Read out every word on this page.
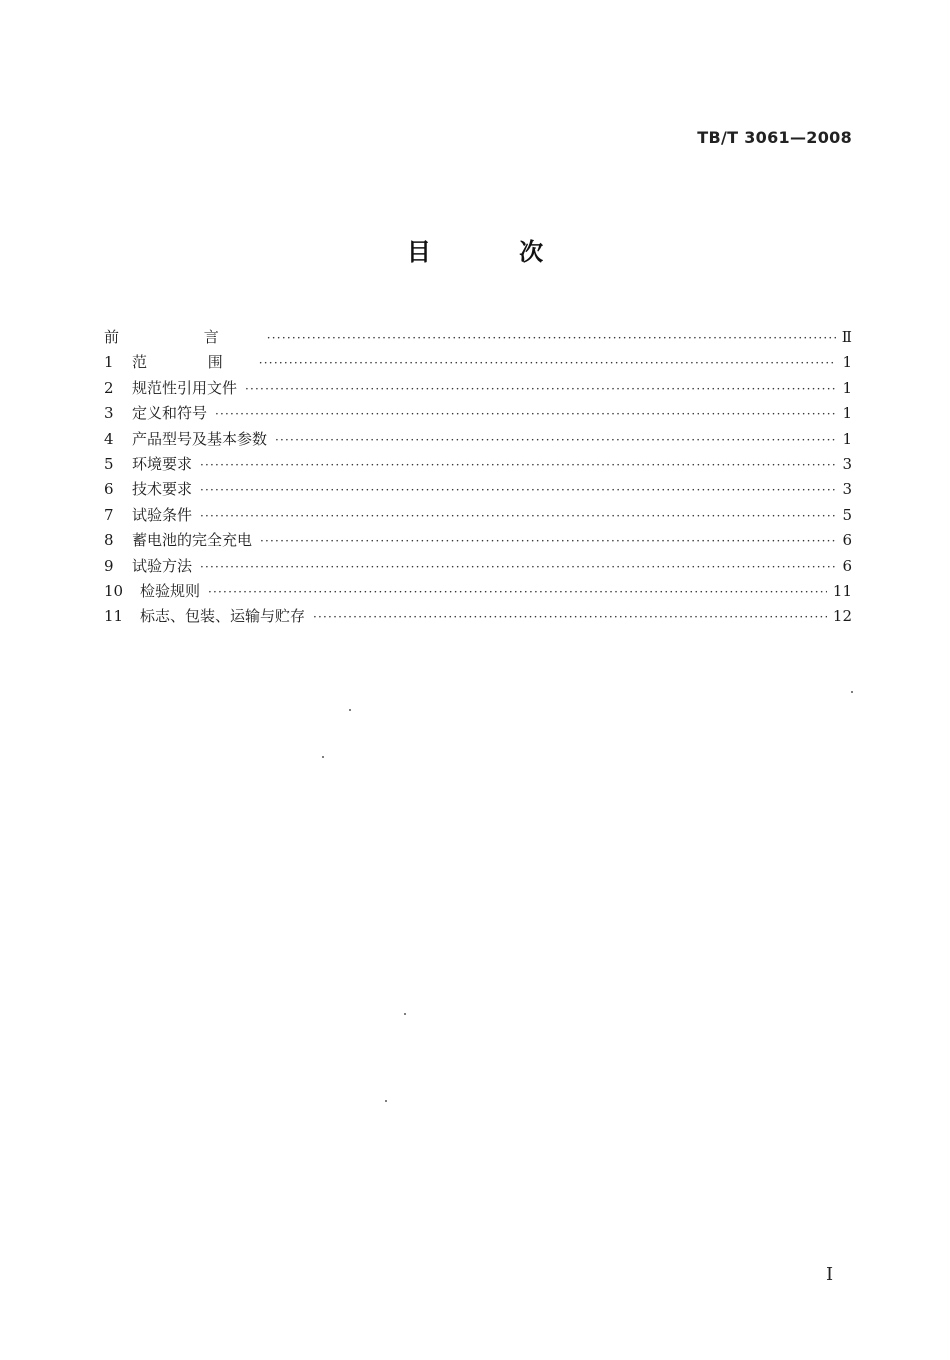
TB/T 3061—2008
目 次
前 言 ·····	Ⅱ
1	范 围 ·····	1
2	规范性引用文件 ·····	1
3	定义和符号 ·····	1
4	产品型号及基本参数 ·····	1
5	环境要求 ·····	3
6	技术要求 ·····	3
7	试验条件 ·····	5
8	蓄电池的完全充电 ·····	6
9	试验方法 ·····	6
10	检验规则 ·····	11
11	标志、包装、运输与贮存 ·····	12
Ⅰ
